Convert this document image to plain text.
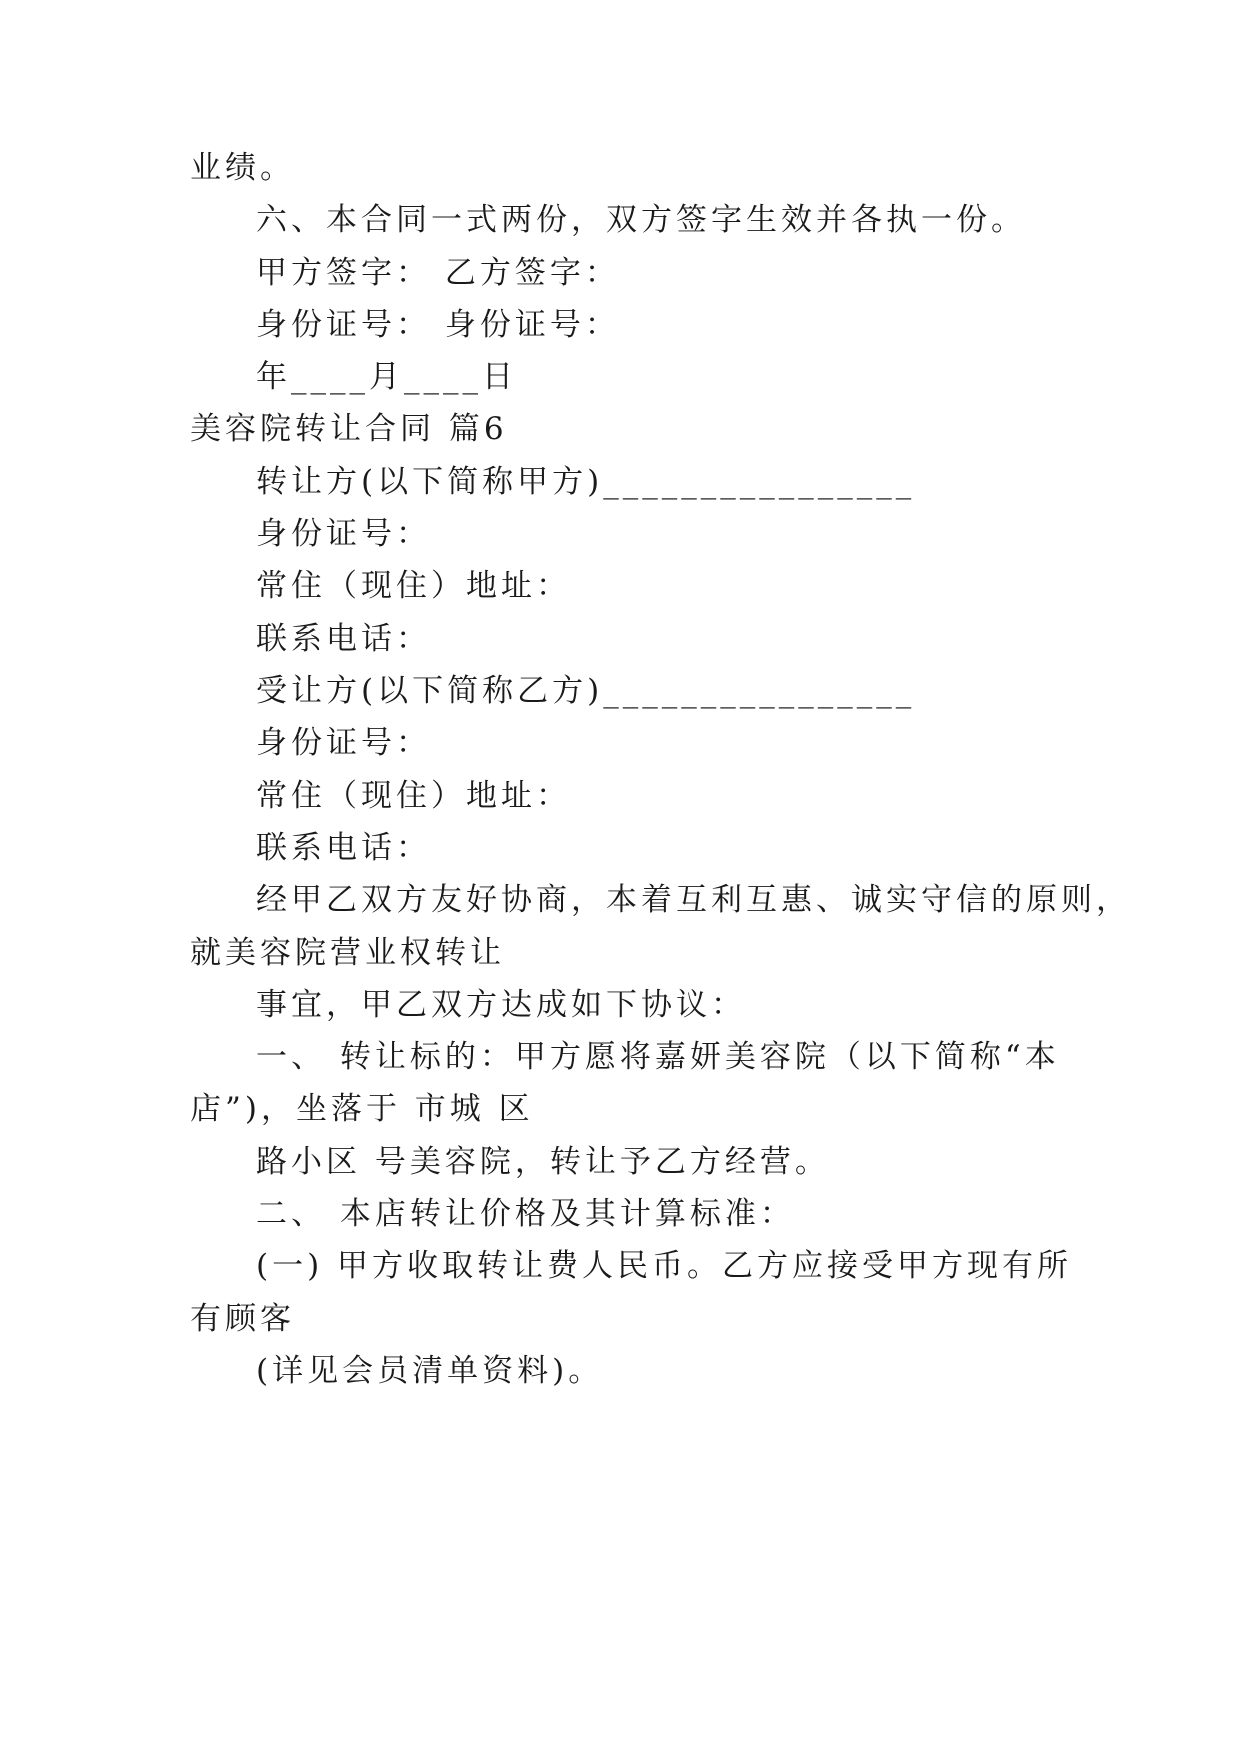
业绩。
六、本合同一式两份，双方签字生效并各执一份。
甲方签字： 乙方签字：
身份证号： 身份证号：
年____月____日
美容院转让合同 篇6
转让方(以下简称甲方)________________
身份证号：
常住（现住）地址：
联系电话：
受让方(以下简称乙方)________________
身份证号：
常住（现住）地址：
联系电话：
经甲乙双方友好协商，本着互利互惠、诚实守信的原则，
就美容院营业权转让
事宜，甲乙双方达成如下协议：
一、 转让标的：甲方愿将嘉妍美容院（以下简称“本
店”)，坐落于 市城 区
路小区 号美容院，转让予乙方经营。
二、 本店转让价格及其计算标准：
(一) 甲方收取转让费人民币。乙方应接受甲方现有所
有顾客
(详见会员清单资料)。
